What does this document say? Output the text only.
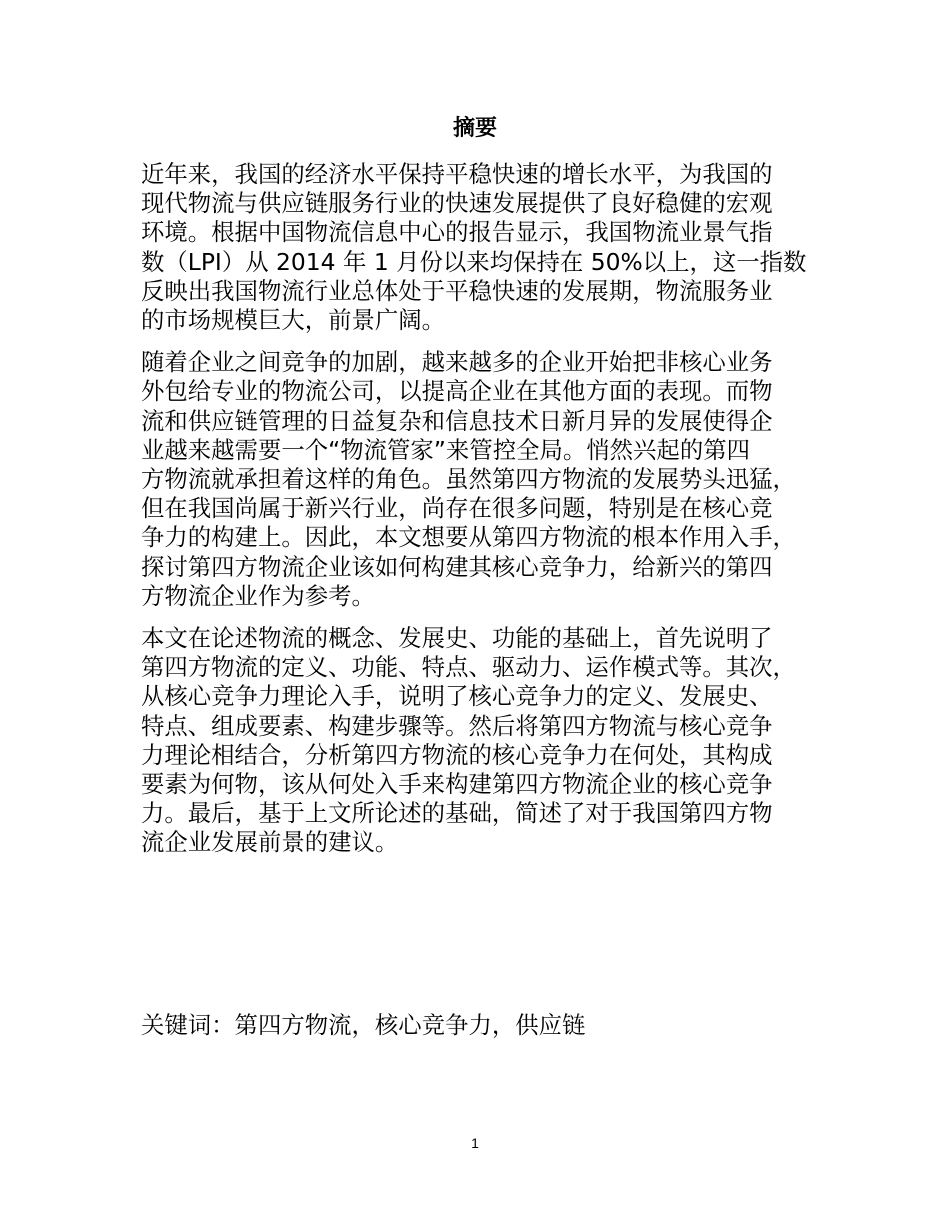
摘要

近年来，我国的经济水平保持平稳快速的增长水平，为我国的
现代物流与供应链服务行业的快速发展提供了良好稳健的宏观
环境。根据中国物流信息中心的报告显示，我国物流业景气指
数（LPI）从 2014 年 1 月份以来均保持在 50%以上，这一指数
反映出我国物流行业总体处于平稳快速的发展期，物流服务业
的市场规模巨大，前景广阔。

随着企业之间竞争的加剧，越来越多的企业开始把非核心业务
外包给专业的物流公司，以提高企业在其他方面的表现。而物
流和供应链管理的日益复杂和信息技术日新月异的发展使得企
业越来越需要一个“物流管家”来管控全局。悄然兴起的第四
方物流就承担着这样的角色。虽然第四方物流的发展势头迅猛，
但在我国尚属于新兴行业，尚存在很多问题，特别是在核心竞
争力的构建上。因此，本文想要从第四方物流的根本作用入手，
探讨第四方物流企业该如何构建其核心竞争力，给新兴的第四
方物流企业作为参考。

本文在论述物流的概念、发展史、功能的基础上，首先说明了
第四方物流的定义、功能、特点、驱动力、运作模式等。其次，
从核心竞争力理论入手，说明了核心竞争力的定义、发展史、
特点、组成要素、构建步骤等。然后将第四方物流与核心竞争
力理论相结合，分析第四方物流的核心竞争力在何处，其构成
要素为何物，该从何处入手来构建第四方物流企业的核心竞争
力。最后，基于上文所论述的基础，简述了对于我国第四方物
流企业发展前景的建议。

关键词：第四方物流，核心竞争力，供应链

1
